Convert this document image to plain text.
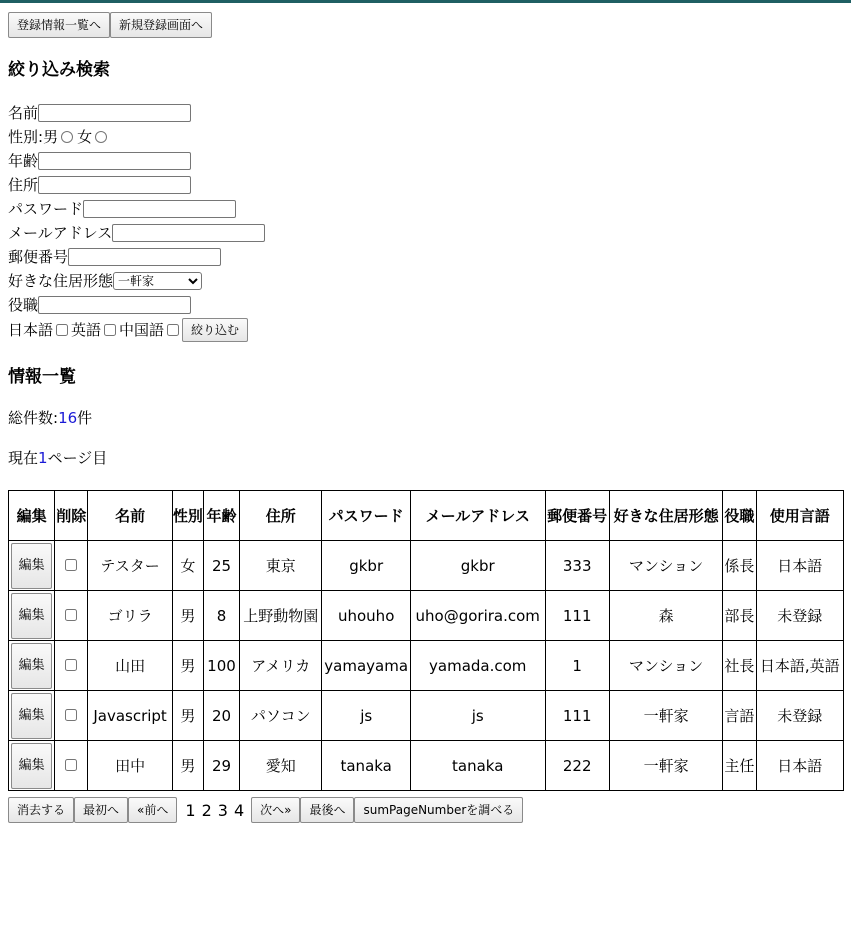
登録情報一覧へ	新規登録画面へ
絞り込み検索
名前
性別: 男 女
年齢
住所
パスワード
メールアドレス
郵便番号
好きな住居形態
一軒家
役職
日本語 英語 中国語	絞り込む
情報一覧
総件数: 16 件
現在 1 ページ目
編集	削除	名前	性別	年齢	住所	パスワード	メールアドレス	郵便番号	好きな住居形態	役職	使用言語
編集		テスター	女	25	東京	gkbr	gkbr	333	マンション	係長	日本語
編集		ゴリラ	男	8	上野動物園	uhouho	uho@gorira.com	111	森	部長	未登録
編集		山田	男	100	アメリカ	yamayama	yamada.com	1	マンション	社長	日本語,英語
編集		Javascript	男	20	パソコン	js	js	111	一軒家	言語	未登録
編集		田中	男	29	愛知	tanaka	tanaka	222	一軒家	主任	日本語
消去する	最初へ	«前へ	1 2 3 4	次へ»	最後へ	sumPageNumberを調べる
